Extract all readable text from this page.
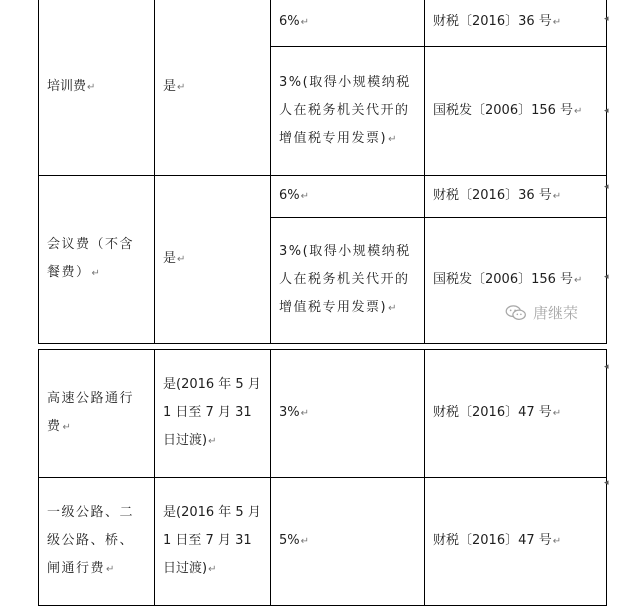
培训费↵	是↵	6%↵	财税〔2016〕36 号↵
		3%(取得小规模纳税人在税务机关代开的增值税专用发票)↵	国税发〔2006〕156 号↵
会议费（不含餐费）↵	是↵	6%↵	财税〔2016〕36 号↵
		3%(取得小规模纳税人在税务机关代开的增值税专用发票)↵	国税发〔2006〕156 号↵
高速公路通行费↵	是(2016 年 5 月 1 日至 7 月 31 日过渡)↵	3%↵	财税〔2016〕47 号↵
一级公路、二级公路、桥、闸通行费↵	是(2016 年 5 月 1 日至 7 月 31 日过渡)↵	5%↵	财税〔2016〕47 号↵
◂
◂
◂
◂
◂
◂
唐继荣
